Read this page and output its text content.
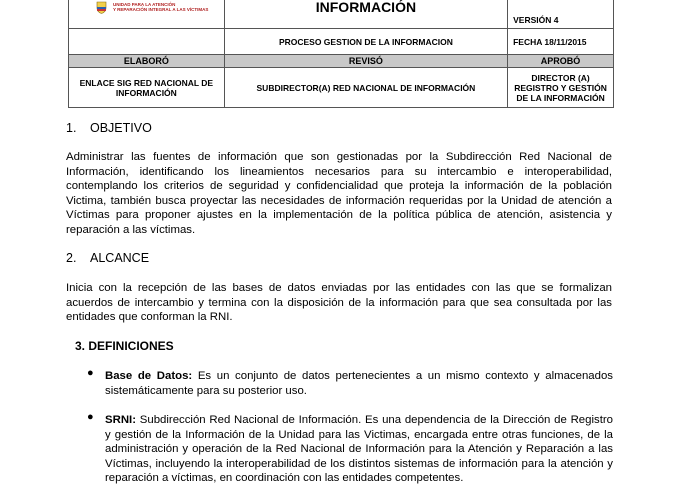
UNIDAD PARA LA ATENCIÓN
Y REPARACIÓN INTEGRAL A LAS VÍCTIMAS	INFORMACIÓN	VERSIÓN 4
	PROCESO GESTION DE LA INFORMACION	FECHA 18/11/2015
ELABORÓ	REVISÓ	APROBÓ
ENLACE SIG RED NACIONAL DE INFORMACIÓN	SUBDIRECTOR(A) RED NACIONAL DE INFORMACIÓN	DIRECTOR (A) REGISTRO Y GESTIÓN DE LA INFORMACIÓN
1. OBJETIVO

Administrar las fuentes de información que son gestionadas por la Subdirección Red Nacional de Información, identificando los lineamientos necesarios para su intercambio e interoperabilidad, contemplando los criterios de seguridad y confidencialidad que proteja la información de la población Victima, también busca proyectar las necesidades de información requeridas por la Unidad de atención a Víctimas para proponer ajustes en la implementación de la política pública de atención, asistencia y reparación a las víctimas.

2. ALCANCE

Inicia con la recepción de las bases de datos enviadas por las entidades con las que se formalizan acuerdos de intercambio y termina con la disposición de la información para que sea consultada por las entidades que conforman la RNI.

3. DEFINICIONES
● Base de Datos: Es un conjunto de datos pertenecientes a un mismo contexto y almacenados sistemáticamente para su posterior uso.

● SRNI: Subdirección Red Nacional de Información. Es una dependencia de la Dirección de Registro y gestión de la Información de la Unidad para las Victimas, encargada entre otras funciones, de la administración y operación de la Red Nacional de Información para la Atención y Reparación a las Víctimas, incluyendo la interoperabilidad de los distintos sistemas de información para la atención y reparación a víctimas, en coordinación con las entidades competentes.
